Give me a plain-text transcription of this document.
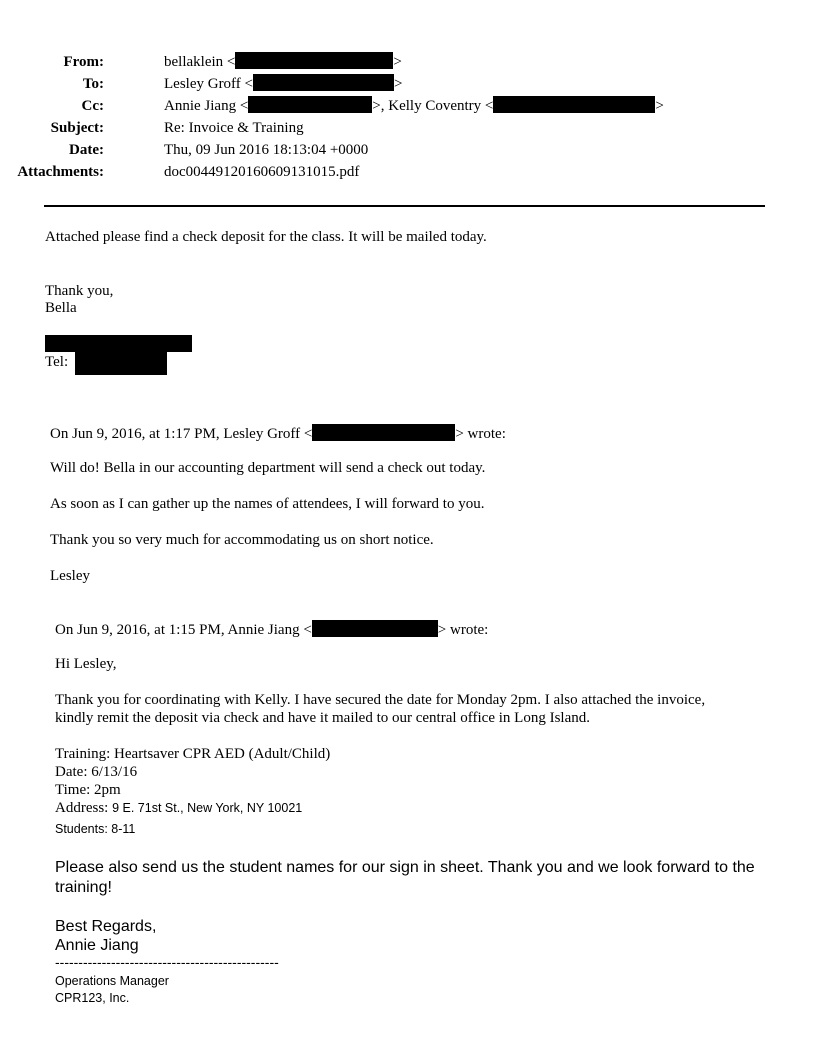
From:	bellaklein <	>
To:	Lesley Groff <	>
Cc:	Annie Jiang <	>, Kelly Coventry <	>
Subject:	Re: Invoice & Training
Date:	Thu, 09 Jun 2016 18:13:04 +0000
Attachments:	doc00449120160609131015.pdf
Attached please find a check deposit for the class. It will be mailed today.
Thank you,
Bella
Tel:
On Jun 9, 2016, at 1:17 PM, Lesley Groff <	> wrote:
Will do! Bella in our accounting department will send a check out today.
As soon as I can gather up the names of attendees, I will forward to you.
Thank you so very much for accommodating us on short notice.
Lesley
On Jun 9, 2016, at 1:15 PM, Annie Jiang <	> wrote:
Hi Lesley,
Thank you for coordinating with Kelly. I have secured the date for Monday 2pm. I also attached the invoice,
kindly remit the deposit via check and have it mailed to our central office in Long Island.
Training: Heartsaver CPR AED (Adult/Child)
Date: 6/13/16
Time: 2pm
Address: 9 E. 71st St., New York, NY 10021
Students: 8-11
Please also send us the student names for our sign in sheet. Thank you and we look forward to the
training!
Best Regards,
Annie Jiang
------------------------------------------------
Operations Manager
CPR123, Inc.
